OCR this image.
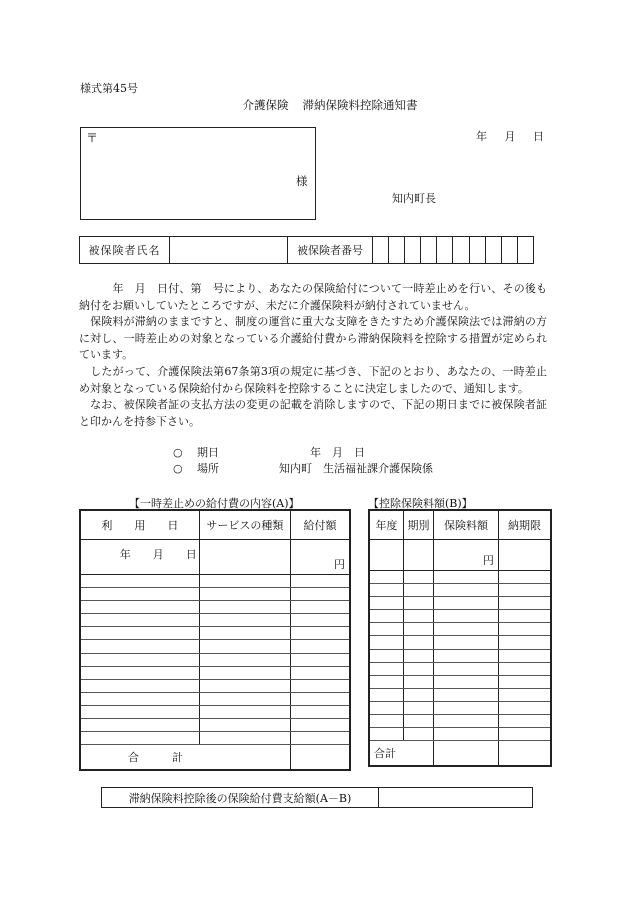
様式第45号
介護保険 滞納保険料控除通知書
年 月 日
〒
様
知内町長
被保険者氏名	被保険者番号

　　　年　月　日付、第　号により、あなたの保険給付について一時差止めを行い、その後も納付をお願いしていたところですが、未だに介護保険料が納付されていません。

　保険料が滞納のままですと、制度の運営に重大な支障をきたすため介護保険法では滞納の方に対し、一時差止めの対象となっている介護給付費から滞納保険料を控除する措置が定められています。

　したがって、介護保険法第67条第3項の規定に基づき、下記のとおり、あなたの、一時差止め対象となっている保険給付から保険料を控除することに決定しましたので、通知します。

　なお、被保険者証の支払方法の変更の記載を消除しますので、下記の期日までに被保険者証と印かんを持参下さい。

○	期日	年　月　日
○	場所	知内町　生活福祉課介護保険係
【一時差止めの給付費の内容(A)】	【控除保険料額(B)】
利　　用　　日	サービスの種類	給付額
年　　月　　日		円

合　　　計		
年度	期別	保険料額	納期限
		円	

合計			
滞納保険料控除後の保険給付費支給額(A－B)
